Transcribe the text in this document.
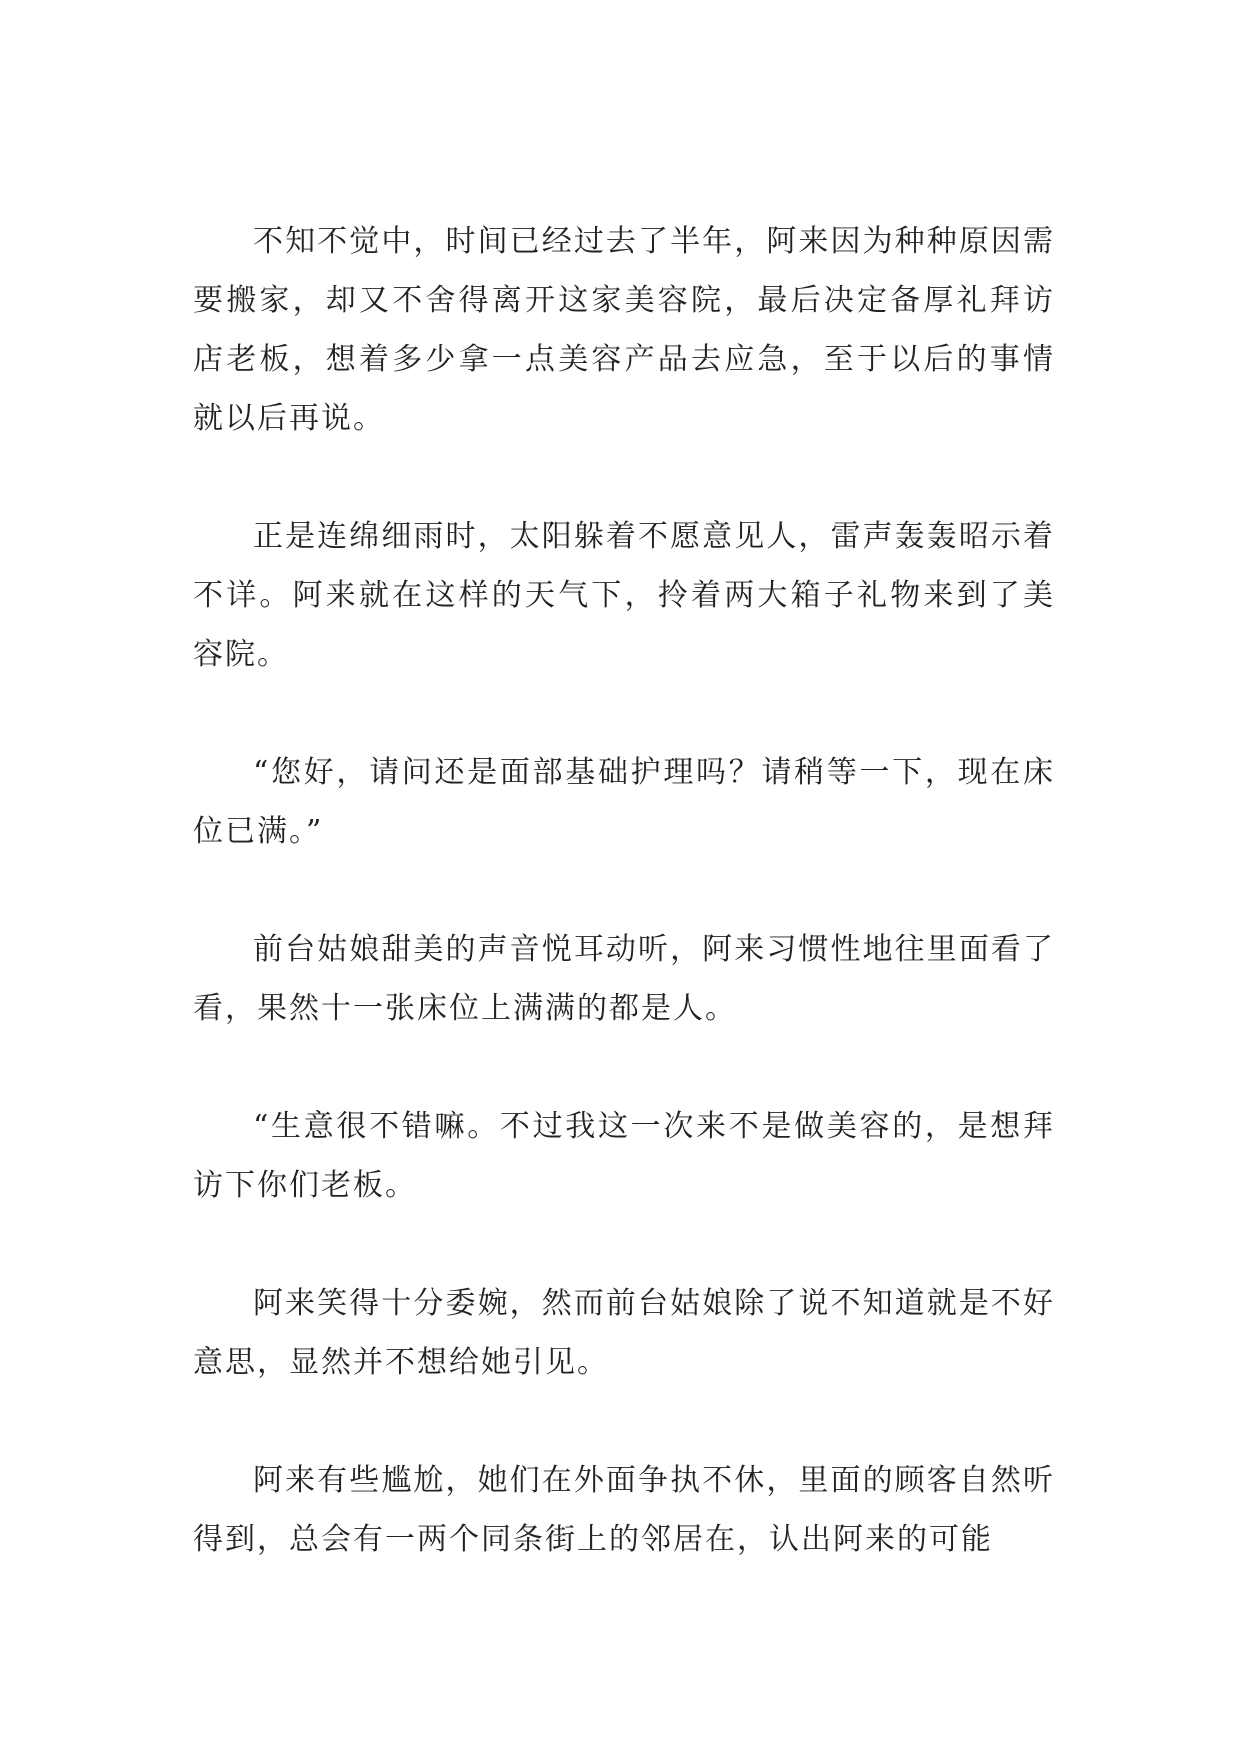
不知不觉中，时间已经过去了半年，阿来因为种种原因需要搬家，却又不舍得离开这家美容院，最后决定备厚礼拜访店老板，想着多少拿一点美容产品去应急，至于以后的事情就以后再说。

正是连绵细雨时，太阳躲着不愿意见人，雷声轰轰昭示着不详。阿来就在这样的天气下，拎着两大箱子礼物来到了美容院。

“您好，请问还是面部基础护理吗？请稍等一下，现在床位已满。”

前台姑娘甜美的声音悦耳动听，阿来习惯性地往里面看了看，果然十一张床位上满满的都是人。

“生意很不错嘛。不过我这一次来不是做美容的，是想拜访下你们老板。

阿来笑得十分委婉，然而前台姑娘除了说不知道就是不好意思，显然并不想给她引见。

阿来有些尴尬，她们在外面争执不休，里面的顾客自然听得到，总会有一两个同条街上的邻居在，认出阿来的可能
